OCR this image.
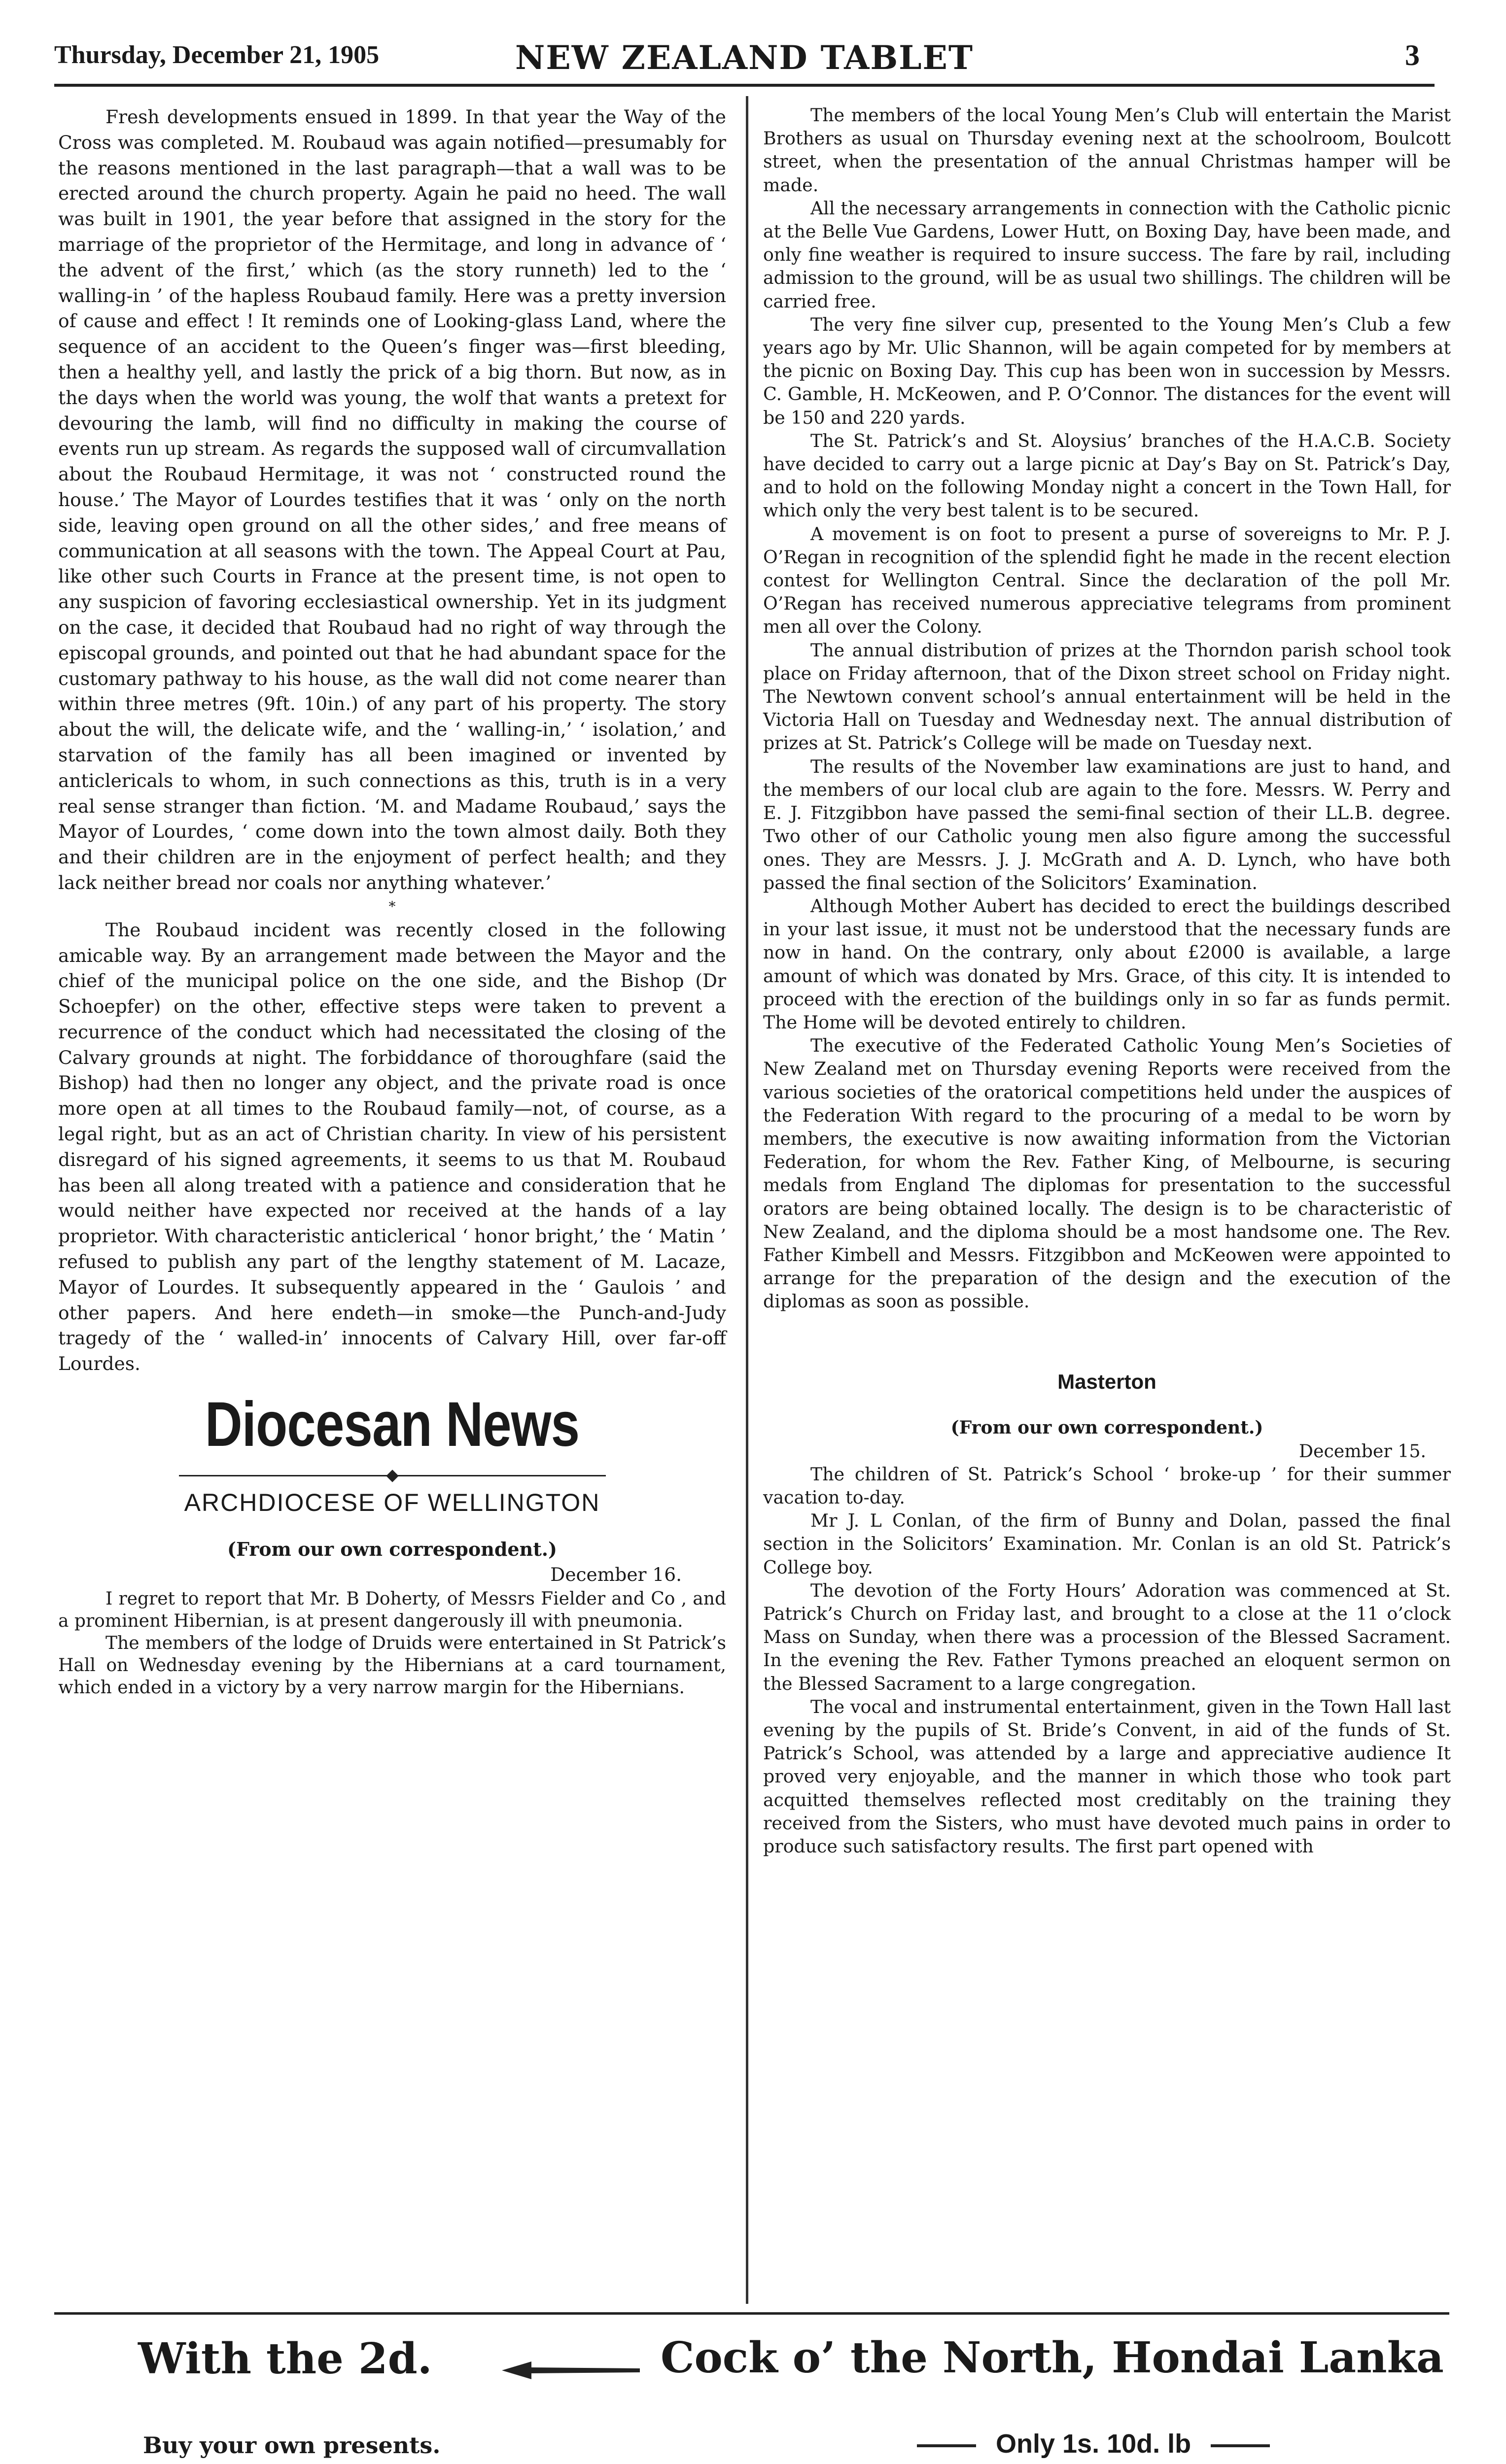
Thursday, December 21, 1905	NEW ZEALAND TABLET	3

Fresh developments ensued in 1899. In that year the Way of the Cross was completed. M. Roubaud was again notified—presumably for the reasons mentioned in the last paragraph—that a wall was to be erected around the church property. Again he paid no heed. The wall was built in 1901, the year before that assigned in the story for the marriage of the proprietor of the Hermitage, and long in advance of ‘ the advent of the first,’ which (as the story runneth) led to the ‘ walling-in ’ of the hapless Roubaud family. Here was a pretty inversion of cause and effect ! It reminds one of Looking-glass Land, where the sequence of an accident to the Queen’s finger was—first bleeding, then a healthy yell, and lastly the prick of a big thorn. But now, as in the days when the world was young, the wolf that wants a pretext for devouring the lamb, will find no difficulty in making the course of events run up stream. As regards the supposed wall of circumvallation about the Roubaud Hermitage, it was not ‘ constructed round the house.’ The Mayor of Lourdes testifies that it was ‘ only on the north side, leaving open ground on all the other sides,’ and free means of communication at all seasons with the town. The Appeal Court at Pau, like other such Courts in France at the present time, is not open to any suspicion of favoring ecclesiastical ownership. Yet in its judgment on the case, it decided that Roubaud had no right of way through the episcopal grounds, and pointed out that he had abundant space for the customary pathway to his house, as the wall did not come nearer than within three metres (9ft. 10in.) of any part of his property. The story about the will, the delicate wife, and the ‘ walling-in,’ ‘ isolation,’ and starvation of the family has all been imagined or invented by anticlericals to whom, in such connections as this, truth is in a very real sense stranger than fiction. ‘M. and Madame Roubaud,’ says the Mayor of Lourdes, ‘ come down into the town almost daily. Both they and their children are in the enjoyment of perfect health; and they lack neither bread nor coals nor anything whatever.’

*

The Roubaud incident was recently closed in the following amicable way. By an arrangement made between the Mayor and the chief of the municipal police on the one side, and the Bishop (Dr Schoepfer) on the other, effective steps were taken to prevent a recurrence of the conduct which had necessitated the closing of the Calvary grounds at night. The forbiddance of thoroughfare (said the Bishop) had then no longer any object, and the private road is once more open at all times to the Roubaud family—not, of course, as a legal right, but as an act of Christian charity. In view of his persistent disregard of his signed agreements, it seems to us that M. Roubaud has been all along treated with a patience and consideration that he would neither have expected nor received at the hands of a lay proprietor. With characteristic anticlerical ‘ honor bright,’ the ‘ Matin ’ refused to publish any part of the lengthy statement of M. Lacaze, Mayor of Lourdes. It subsequently appeared in the ‘ Gaulois ’ and other papers. And here endeth—in smoke—the Punch-and-Judy tragedy of the ‘ walled-in’ innocents of Calvary Hill, over far-off Lourdes.

Diocesan News
ARCHDIOCESE OF WELLINGTON
(From our own correspondent.)
December 16.

I regret to report that Mr. B Doherty, of Messrs Fielder and Co , and a prominent Hibernian, is at present dangerously ill with pneumonia.

The members of the lodge of Druids were entertained in St Patrick’s Hall on Wednesday evening by the Hibernians at a card tournament, which ended in a victory by a very narrow margin for the Hibernians.

The members of the local Young Men’s Club will entertain the Marist Brothers as usual on Thursday evening next at the schoolroom, Boulcott street, when the presentation of the annual Christmas hamper will be made.

All the necessary arrangements in connection with the Catholic picnic at the Belle Vue Gardens, Lower Hutt, on Boxing Day, have been made, and only fine weather is required to insure success. The fare by rail, including admission to the ground, will be as usual two shillings. The children will be carried free.

The very fine silver cup, presented to the Young Men’s Club a few years ago by Mr. Ulic Shannon, will be again competed for by members at the picnic on Boxing Day. This cup has been won in succession by Messrs. C. Gamble, H. McKeowen, and P. O’Connor. The distances for the event will be 150 and 220 yards.

The St. Patrick’s and St. Aloysius’ branches of the H.A.C.B. Society have decided to carry out a large picnic at Day’s Bay on St. Patrick’s Day, and to hold on the following Monday night a concert in the Town Hall, for which only the very best talent is to be secured.

A movement is on foot to present a purse of sovereigns to Mr. P. J. O’Regan in recognition of the splendid fight he made in the recent election contest for Wellington Central. Since the declaration of the poll Mr. O’Regan has received numerous appreciative telegrams from prominent men all over the Colony.

The annual distribution of prizes at the Thorndon parish school took place on Friday afternoon, that of the Dixon street school on Friday night. The Newtown convent school’s annual entertainment will be held in the Victoria Hall on Tuesday and Wednesday next. The annual distribution of prizes at St. Patrick’s College will be made on Tuesday next.

The results of the November law examinations are just to hand, and the members of our local club are again to the fore. Messrs. W. Perry and E. J. Fitzgibbon have passed the semi-final section of their LL.B. degree. Two other of our Catholic young men also figure among the successful ones. They are Messrs. J. J. McGrath and A. D. Lynch, who have both passed the final section of the Solicitors’ Examination.

Although Mother Aubert has decided to erect the buildings described in your last issue, it must not be understood that the necessary funds are now in hand. On the contrary, only about £2000 is available, a large amount of which was donated by Mrs. Grace, of this city. It is intended to proceed with the erection of the buildings only in so far as funds permit. The Home will be devoted entirely to children.

The executive of the Federated Catholic Young Men’s Societies of New Zealand met on Thursday evening Reports were received from the various societies of the oratorical competitions held under the auspices of the Federation With regard to the procuring of a medal to be worn by members, the executive is now awaiting information from the Victorian Federation, for whom the Rev. Father King, of Melbourne, is securing medals from England The diplomas for presentation to the successful orators are being obtained locally. The design is to be characteristic of New Zealand, and the diploma should be a most handsome one. The Rev. Father Kimbell and Messrs. Fitzgibbon and McKeowen were appointed to arrange for the preparation of the design and the execution of the diplomas as soon as possible.

Masterton
(From our own correspondent.)
December 15.

The children of St. Patrick’s School ‘ broke-up ’ for their summer vacation to-day.

Mr J. L Conlan, of the firm of Bunny and Dolan, passed the final section in the Solicitors’ Examination. Mr. Conlan is an old St. Patrick’s College boy.

The devotion of the Forty Hours’ Adoration was commenced at St. Patrick’s Church on Friday last, and brought to a close at the 11 o’clock Mass on Sunday, when there was a procession of the Blessed Sacrament. In the evening the Rev. Father Tymons preached an eloquent sermon on the Blessed Sacrament to a large congregation.

The vocal and instrumental entertainment, given in the Town Hall last evening by the pupils of St. Bride’s Convent, in aid of the funds of St. Patrick’s School, was attended by a large and appreciative audience It proved very enjoyable, and the manner in which those who took part acquitted themselves reflected most creditably on the training they received from the Sisters, who must have devoted much pains in order to produce such satisfactory results. The first part opened with

With the 2d.	Cock o’ the North, Hondai Lanka
Buy your own presents.	Only 1s. 10d. lb
